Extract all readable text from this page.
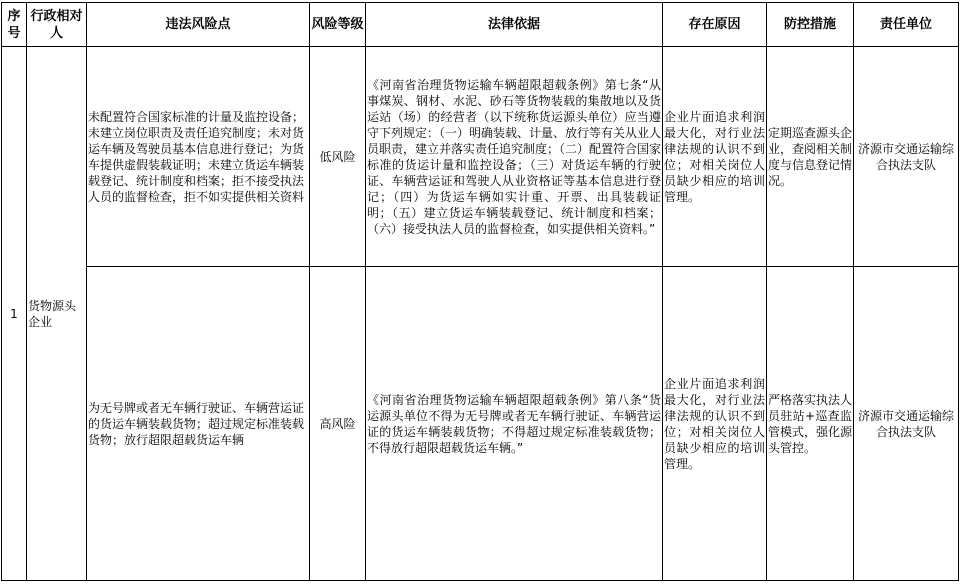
序号	行政相对人	违法风险点	风险等级	法律依据	存在原因	防控措施	责任单位
1	货物源头企业	未配置符合国家标准的计量及监控设备；未建立岗位职责及责任追究制度；未对货运车辆及驾驶员基本信息进行登记；为货车提供虚假装载证明；未建立货运车辆装载登记、统计制度和档案；拒不接受执法人员的监督检查，拒不如实提供相关资料	低风险	《河南省治理货物运输车辆超限超载条例》第七条“从事煤炭、钢材、水泥、砂石等货物装载的集散地以及货运站（场）的经营者（以下统称货运源头单位）应当遵守下列规定：（一）明确装载、计量、放行等有关从业人员职责，建立并落实责任追究制度；（二）配置符合国家标准的货运计量和监控设备；（三）对货运车辆的行驶证、车辆营运证和驾驶人从业资格证等基本信息进行登记；（四）为货运车辆如实计重、开票、出具装载证明；（五）建立货运车辆装载登记、统计制度和档案；（六）接受执法人员的监督检查，如实提供相关资料。”	企业片面追求利润最大化，对行业法律法规的认识不到位；对相关岗位人员缺少相应的培训管理。	定期巡查源头企业，查阅相关制度与信息登记情况。	济源市交通运输综合执法支队
		为无号牌或者无车辆行驶证、车辆营运证的货运车辆装载货物；超过规定标准装载货物；放行超限超载货运车辆	高风险	《河南省治理货物运输车辆超限超载条例》第八条“货运源头单位不得为无号牌或者无车辆行驶证、车辆营运证的货运车辆装载货物；不得超过规定标准装载货物；不得放行超限超载货运车辆。”	企业片面追求利润最大化，对行业法律法规的认识不到位；对相关岗位人员缺少相应的培训管理。	严格落实执法人员驻站+巡查监管模式，强化源头管控。	济源市交通运输综合执法支队
